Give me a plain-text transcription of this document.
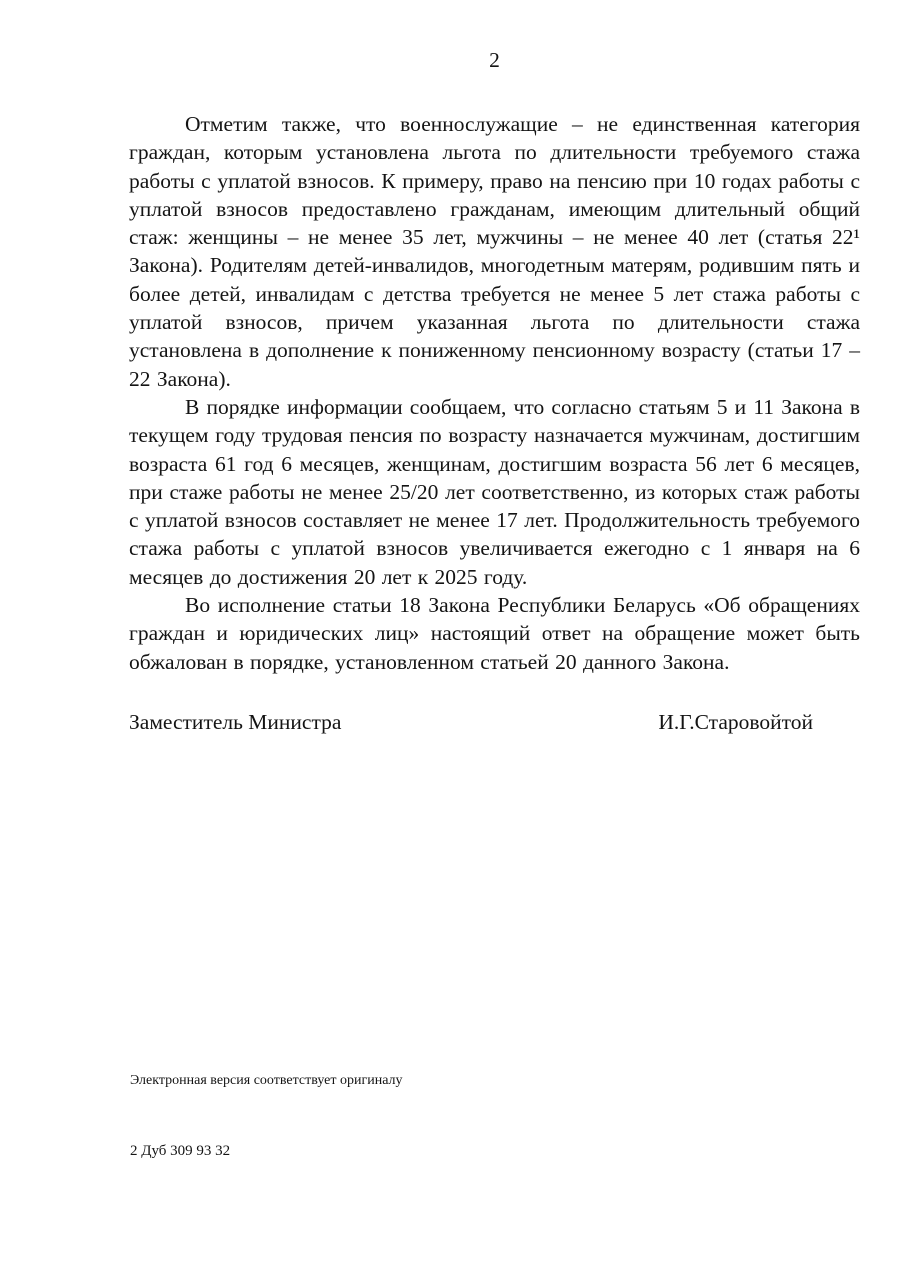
2

Отметим также, что военнослужащие – не единственная категория граждан, которым установлена льгота по длительности требуемого стажа работы с уплатой взносов. К примеру, право на пенсию при 10 годах работы с уплатой взносов предоставлено гражданам, имеющим длительный общий стаж: женщины – не менее 35 лет, мужчины – не менее 40 лет (статья 22¹ Закона). Родителям детей-инвалидов, многодетным матерям, родившим пять и более детей, инвалидам с детства требуется не менее 5 лет стажа работы с уплатой взносов, причем указанная льгота по длительности стажа установлена в дополнение к пониженному пенсионному возрасту (статьи 17 – 22 Закона).

В порядке информации сообщаем, что согласно статьям 5 и 11 Закона в текущем году трудовая пенсия по возрасту назначается мужчинам, достигшим возраста 61 год 6 месяцев, женщинам, достигшим возраста 56 лет 6 месяцев, при стаже работы не менее 25/20 лет соответственно, из которых стаж работы с уплатой взносов составляет не менее 17 лет. Продолжительность требуемого стажа работы с уплатой взносов увеличивается ежегодно с 1 января на 6 месяцев до достижения 20 лет к 2025 году.

Во исполнение статьи 18 Закона Республики Беларусь «Об обращениях граждан и юридических лиц» настоящий ответ на обращение может быть обжалован в порядке, установленном статьей 20 данного Закона.

Заместитель Министра	И.Г.Старовойтой
Электронная версия соответствует оригиналу
2 Дуб 309 93 32
